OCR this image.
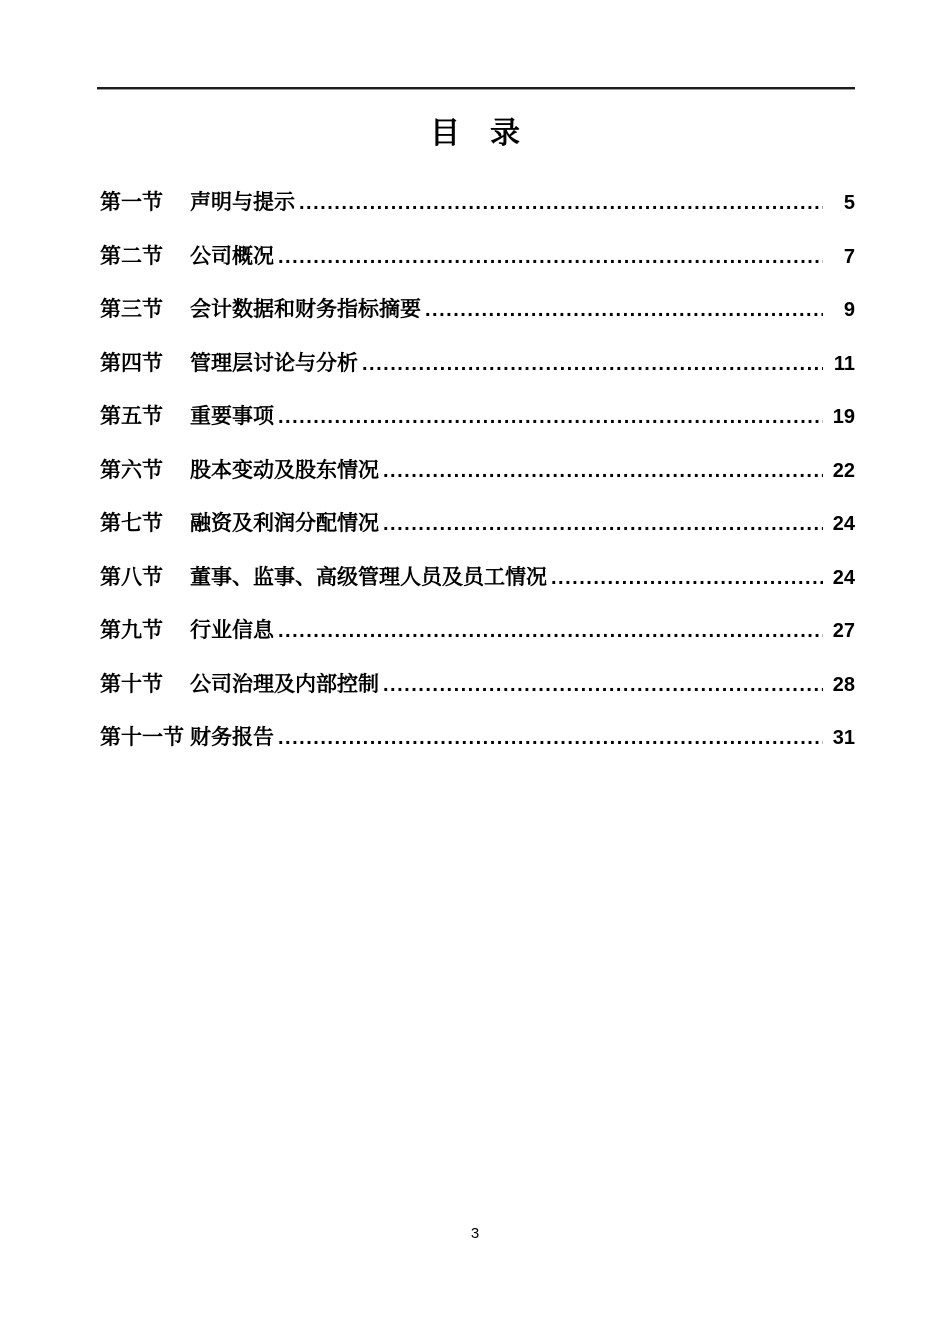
目　录
第一节	声明与提示 .....	5
第二节	公司概况 .....	7
第三节	会计数据和财务指标摘要 .....	9
第四节	管理层讨论与分析 .....	11
第五节	重要事项 .....	19
第六节	股本变动及股东情况 .....	22
第七节	融资及利润分配情况 .....	24
第八节	董事、监事、高级管理人员及员工情况 .....	24
第九节	行业信息 .....	27
第十节	公司治理及内部控制 .....	28
第十一节 财务报告 .....	31
3
